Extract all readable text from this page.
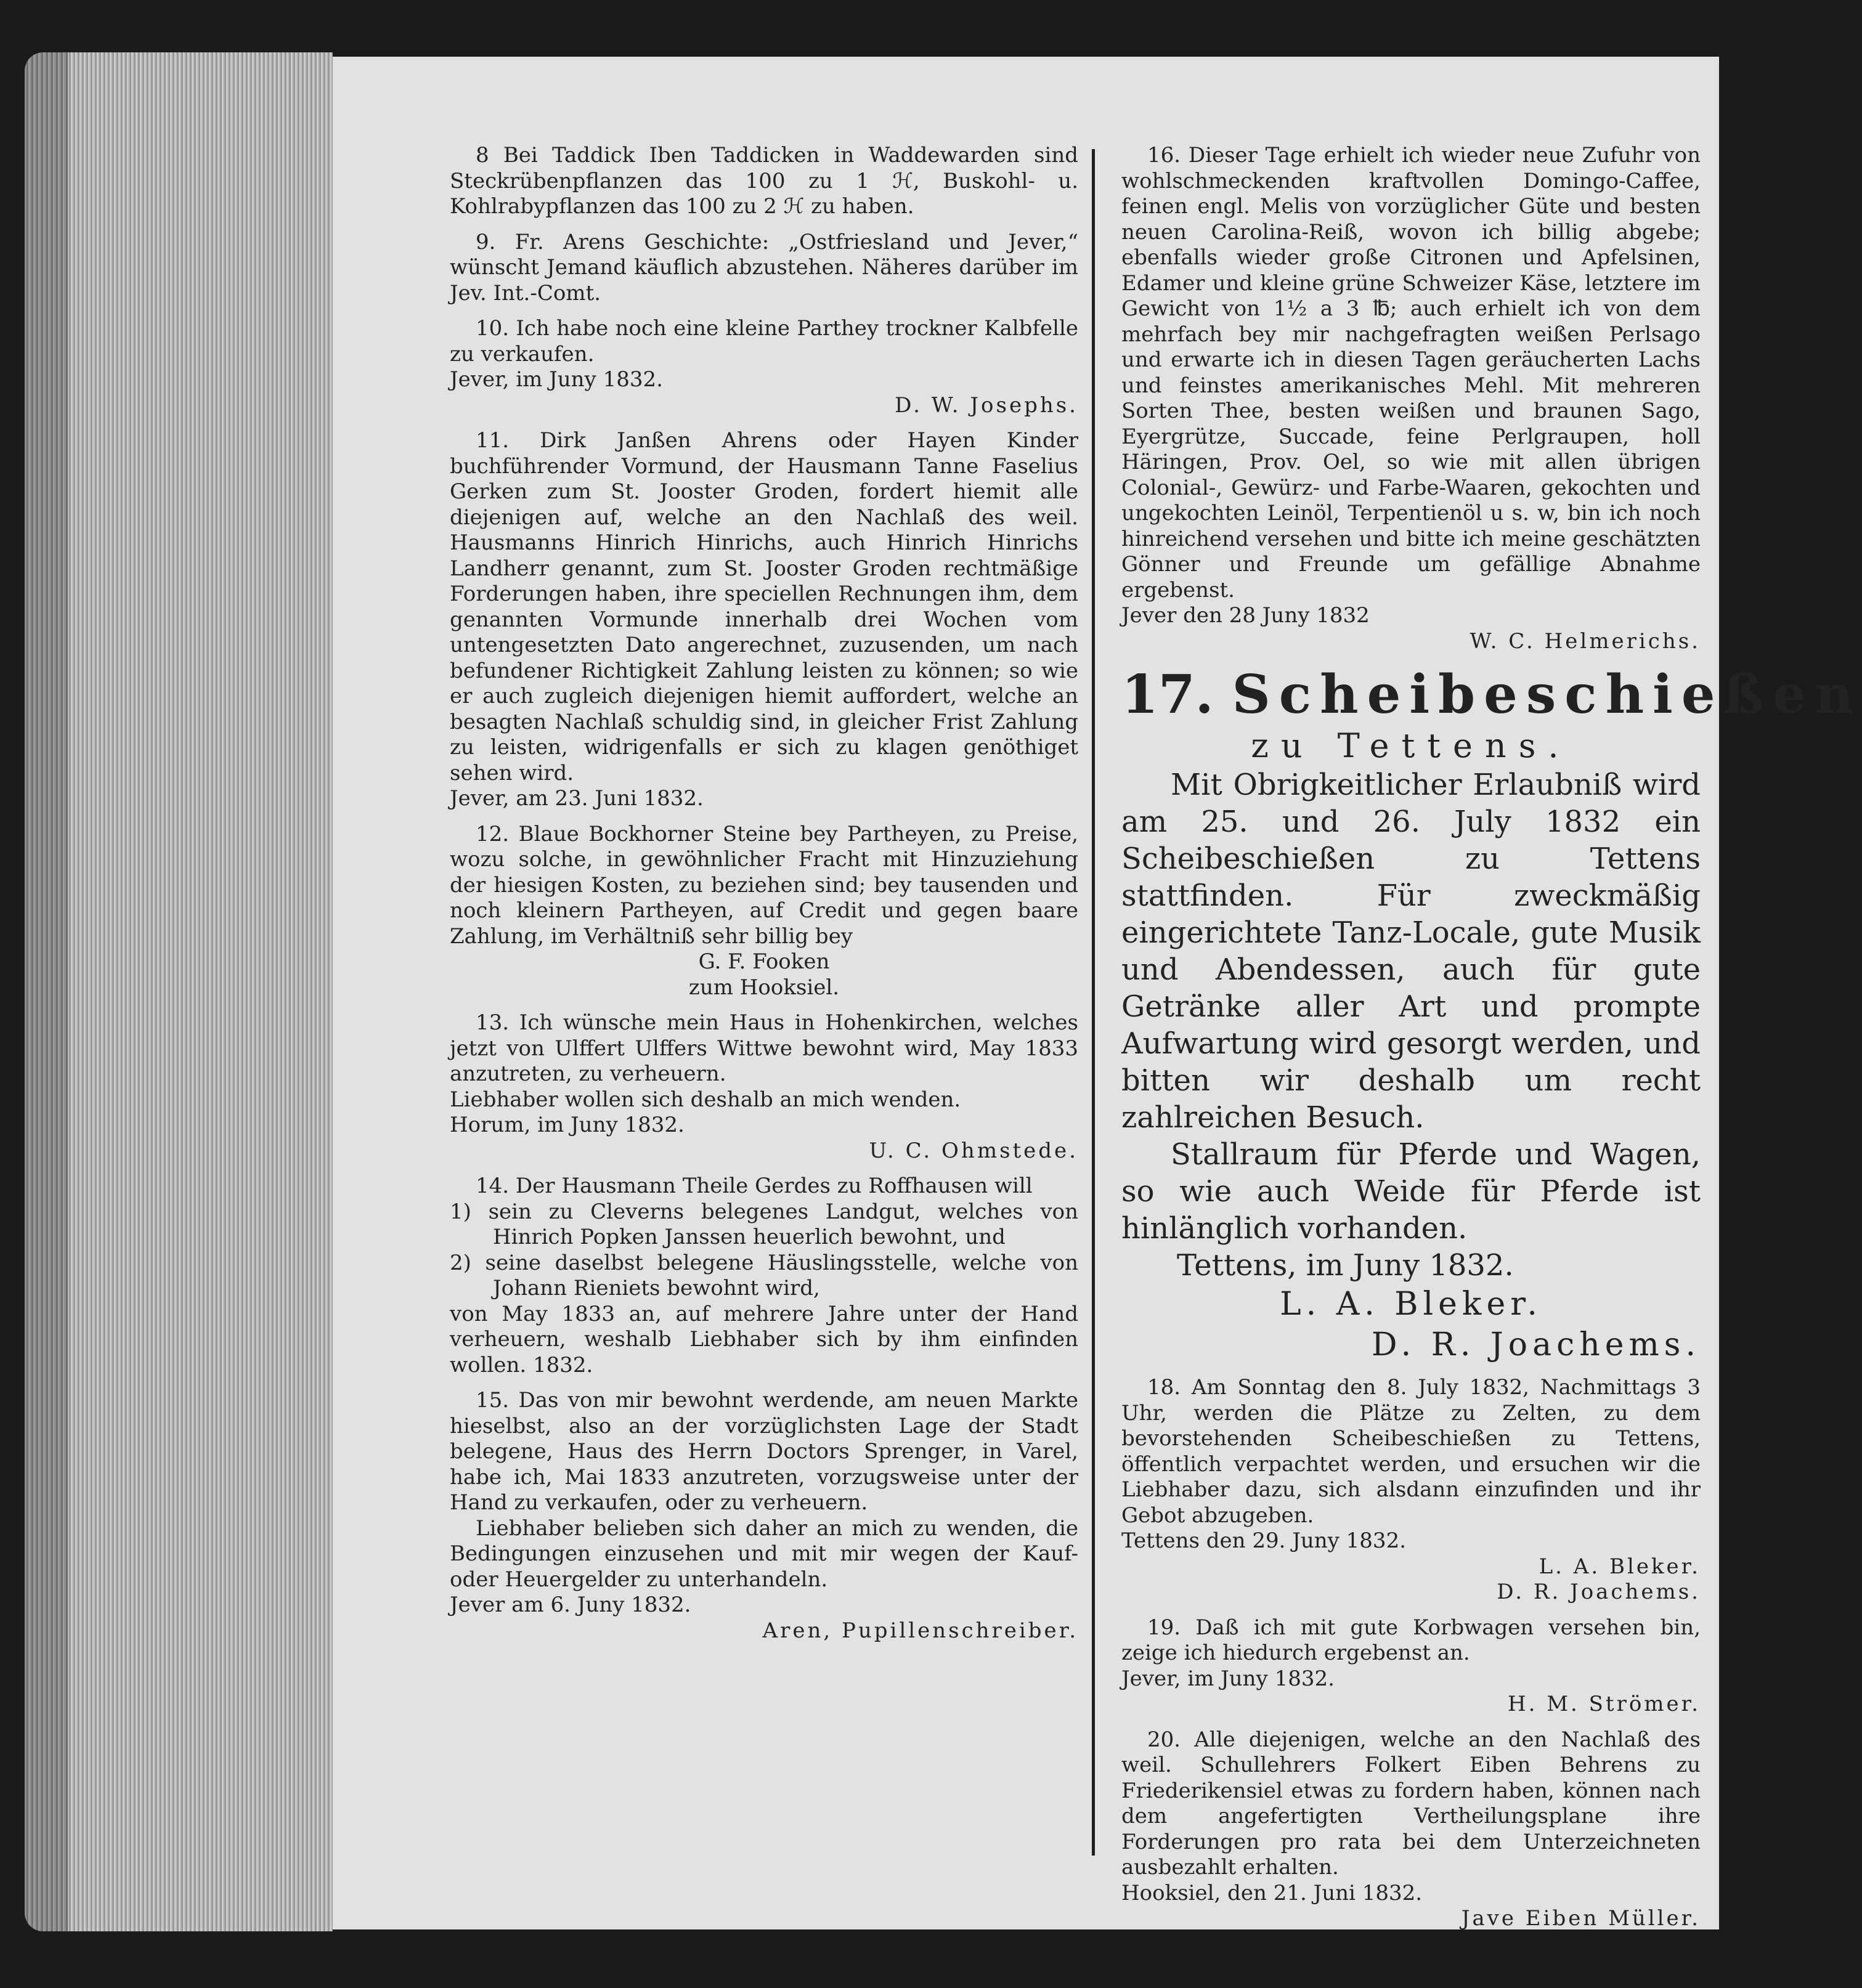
8 Bei Taddick Iben Taddicken in Waddewarden sind Steckrübenpflanzen das 100 zu 1 ℋ, Buskohl- u. Kohlrabypflanzen das 100 zu 2 ℋ zu haben.

9. Fr. Arens Geschichte: „Ostfriesland und Jever,“ wünscht Jemand käuflich abzustehen. Näheres darüber im Jev. Int.-Comt.

10. Ich habe noch eine kleine Parthey trockner Kalbfelle zu verkaufen.

Jever, im Juny 1832.

D. W. Josephs.

11. Dirk Janßen Ahrens oder Hayen Kinder buchführender Vormund, der Hausmann Tanne Faselius Gerken zum St. Jooster Groden, fordert hiemit alle diejenigen auf, welche an den Nachlaß des weil. Hausmanns Hinrich Hinrichs, auch Hinrich Hinrichs Landherr genannt, zum St. Jooster Groden rechtmäßige Forderungen haben, ihre speciellen Rechnungen ihm, dem genannten Vormunde innerhalb drei Wochen vom untengesetzten Dato angerechnet, zuzusenden, um nach befundener Richtigkeit Zahlung leisten zu können; so wie er auch zugleich diejenigen hiemit auffordert, welche an besagten Nachlaß schuldig sind, in gleicher Frist Zahlung zu leisten, widrigenfalls er sich zu klagen genöthiget sehen wird.

Jever, am 23. Juni 1832.

12. Blaue Bockhorner Steine bey Partheyen, zu Preise, wozu solche, in gewöhnlicher Fracht mit Hinzuziehung der hiesigen Kosten, zu beziehen sind; bey tausenden und noch kleinern Partheyen, auf Credit und gegen baare Zahlung, im Verhältniß sehr billig bey

G. F. Fooken

zum Hooksiel.

13. Ich wünsche mein Haus in Hohenkirchen, welches jetzt von Ulffert Ulffers Wittwe bewohnt wird, May 1833 anzutreten, zu verheuern.

Liebhaber wollen sich deshalb an mich wenden.

Horum, im Juny 1832.

U. C. Ohmstede.

14. Der Hausmann Theile Gerdes zu Roffhausen will

1) sein zu Cleverns belegenes Landgut, welches von Hinrich Popken Janssen heuerlich bewohnt, und

2) seine daselbst belegene Häuslingsstelle, welche von Johann Rieniets bewohnt wird,

von May 1833 an, auf mehrere Jahre unter der Hand verheuern, weshalb Liebhaber sich by ihm einfinden wollen. 1832.

15. Das von mir bewohnt werdende, am neuen Markte hieselbst, also an der vorzüglichsten Lage der Stadt belegene, Haus des Herrn Doctors Sprenger, in Varel, habe ich, Mai 1833 anzutreten, vorzugsweise unter der Hand zu verkaufen, oder zu verheuern.

Liebhaber belieben sich daher an mich zu wenden, die Bedingungen einzusehen und mit mir wegen der Kauf- oder Heuergelder zu unterhandeln.

Jever am 6. Juny 1832.

Aren, Pupillenschreiber.

16. Dieser Tage erhielt ich wieder neue Zufuhr von wohlschmeckenden kraftvollen Domingo-Caffee, feinen engl. Melis von vorzüglicher Güte und besten neuen Carolina-Reiß, wovon ich billig abgebe; ebenfalls wieder große Citronen und Apfelsinen, Edamer und kleine grüne Schweizer Käse, letztere im Gewicht von 1½ a 3 ℔; auch erhielt ich von dem mehrfach bey mir nachgefragten weißen Perlsago und erwarte ich in diesen Tagen geräucherten Lachs und feinstes amerikanisches Mehl. Mit mehreren Sorten Thee, besten weißen und braunen Sago, Eyergrütze, Succade, feine Perlgraupen, holl Häringen, Prov. Oel, so wie mit allen übrigen Colonial-, Gewürz- und Farbe-Waaren, gekochten und ungekochten Leinöl, Terpentienöl u s. w, bin ich noch hinreichend versehen und bitte ich meine geschätzten Gönner und Freunde um gefällige Abnahme ergebenst.

Jever den 28 Juny 1832

W. C. Helmerichs.

17. Scheibeschießen

zu Tettens.

Mit Obrigkeitlicher Erlaubniß wird am 25. und 26. July 1832 ein Scheibeschießen zu Tettens stattfinden. Für zweckmäßig eingerichtete Tanz-Locale, gute Musik und Abendessen, auch für gute Getränke aller Art und prompte Aufwartung wird gesorgt werden, und bitten wir deshalb um recht zahlreichen Besuch.

Stallraum für Pferde und Wagen, so wie auch Weide für Pferde ist hinlänglich vorhanden.

Tettens, im Juny 1832.

L. A. Bleker.

D. R. Joachems.

18. Am Sonntag den 8. July 1832, Nachmittags 3 Uhr, werden die Plätze zu Zelten, zu dem bevorstehenden Scheibeschießen zu Tettens, öffentlich verpachtet werden, und ersuchen wir die Liebhaber dazu, sich alsdann einzufinden und ihr Gebot abzugeben.

Tettens den 29. Juny 1832.

L. A. Bleker.

D. R. Joachems.

19. Daß ich mit gute Korbwagen versehen bin, zeige ich hiedurch ergebenst an.

Jever, im Juny 1832.

H. M. Strömer.

20. Alle diejenigen, welche an den Nachlaß des weil. Schullehrers Folkert Eiben Behrens zu Friederikensiel etwas zu fordern haben, können nach dem angefertigten Vertheilungsplane ihre Forderungen pro rata bei dem Unterzeichneten ausbezahlt erhalten.

Hooksiel, den 21. Juni 1832.

Jave Eiben Müller.
